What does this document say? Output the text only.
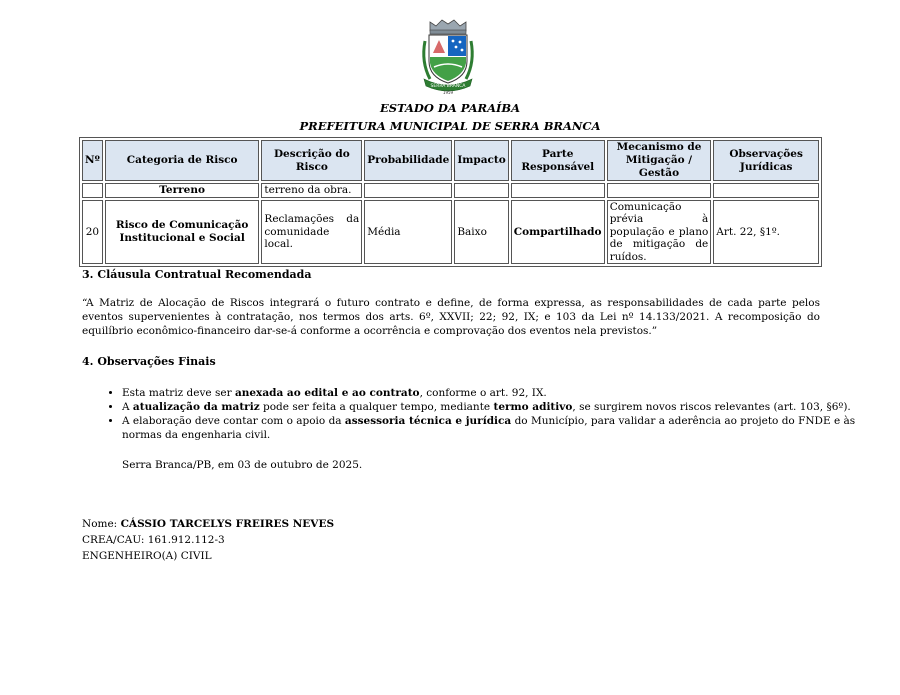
SERRA BRANCA
1959
ESTADO DA PARAÍBA
PREFEITURA MUNICIPAL DE SERRA BRANCA
Nº	Categoria de Risco	Descrição do Risco	Probabilidade	Impacto	Parte Responsável	Mecanismo de Mitigação / Gestão	Observações Jurídicas
	Terreno	terreno da obra.					
20	Risco de Comunicação Institucional e Social	Reclamações da comunidade local.	Média	Baixo	Compartilhado	Comunicação prévia à população e plano de mitigação de ruídos.	Art. 22, §1º.
3. Cláusula Contratual Recomendada
“A Matriz de Alocação de Riscos integrará o futuro contrato e define, de forma expressa, as responsabilidades de cada parte pelos eventos supervenientes à contratação, nos termos dos arts. 6º, XXVII; 22; 92, IX; e 103 da Lei nº 14.133/2021. A recomposição do equilíbrio econômico-financeiro dar-se-á conforme a ocorrência e comprovação dos eventos nela previstos.”
4. Observações Finais
• Esta matriz deve ser anexada ao edital e ao contrato, conforme o art. 92, IX.
• A atualização da matriz pode ser feita a qualquer tempo, mediante termo aditivo, se surgirem novos riscos relevantes (art. 103, §6º).
• A elaboração deve contar com o apoio da assessoria técnica e jurídica do Município, para validar a aderência ao projeto do FNDE e às normas da engenharia civil.
Serra Branca/PB, em 03 de outubro de 2025.
Nome: CÁSSIO TARCELYS FREIRES NEVES
CREA/CAU: 161.912.112-3
ENGENHEIRO(A) CIVIL
